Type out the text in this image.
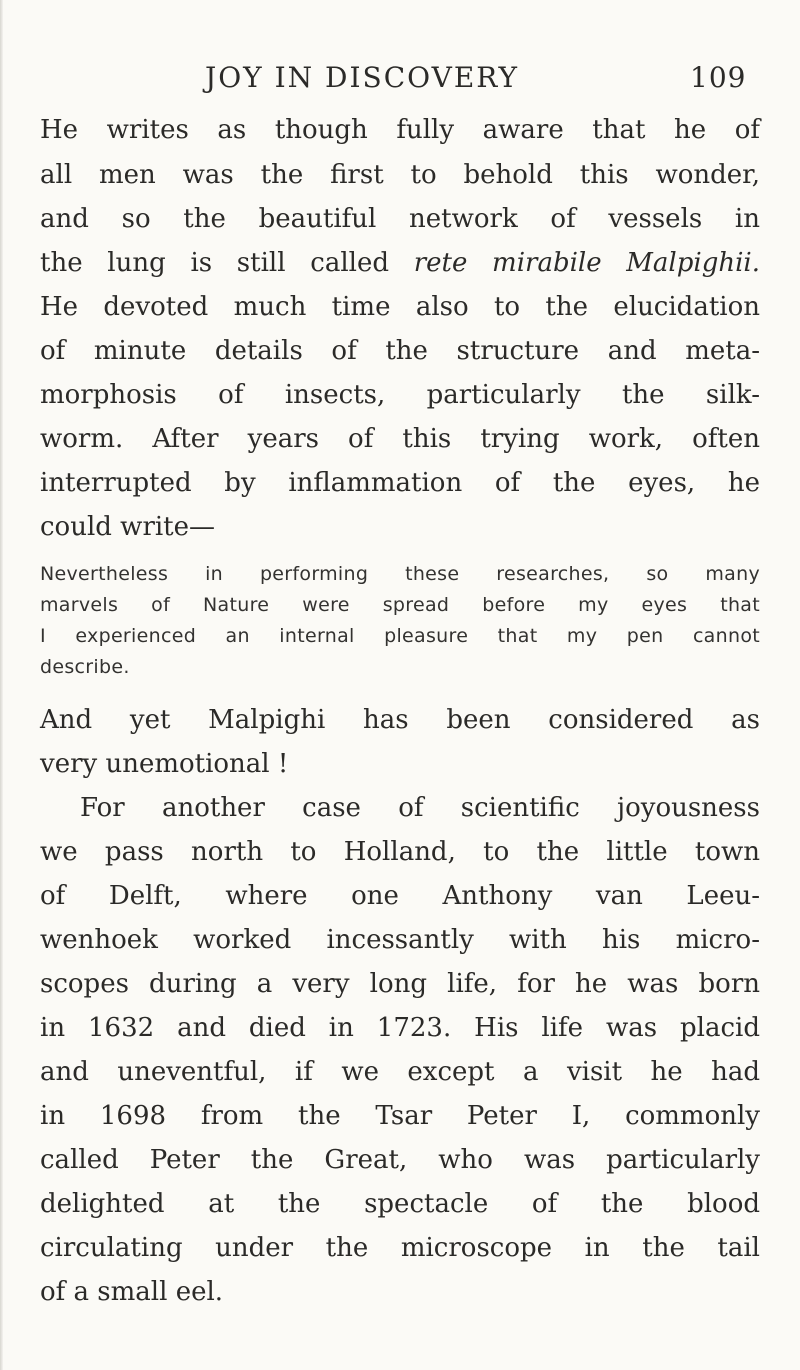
JOY IN DISCOVERY	109
He writes as though fully aware that he of
all men was the first to behold this wonder,
and so the beautiful network of vessels in
the lung is still called rete mirabile Malpighii.
He devoted much time also to the elucidation
of minute details of the structure and meta-
morphosis of insects, particularly the silk-
worm. After years of this trying work, often
interrupted by inflammation of the eyes, he
could write—
Nevertheless in performing these researches, so many
marvels of Nature were spread before my eyes that
I experienced an internal pleasure that my pen cannot
describe.
And yet Malpighi has been considered as
very unemotional !
For another case of scientific joyousness
we pass north to Holland, to the little town
of Delft, where one Anthony van Leeu-
wenhoek worked incessantly with his micro-
scopes during a very long life, for he was born
in 1632 and died in 1723. His life was placid
and uneventful, if we except a visit he had
in 1698 from the Tsar Peter I, commonly
called Peter the Great, who was particularly
delighted at the spectacle of the blood
circulating under the microscope in the tail
of a small eel.
